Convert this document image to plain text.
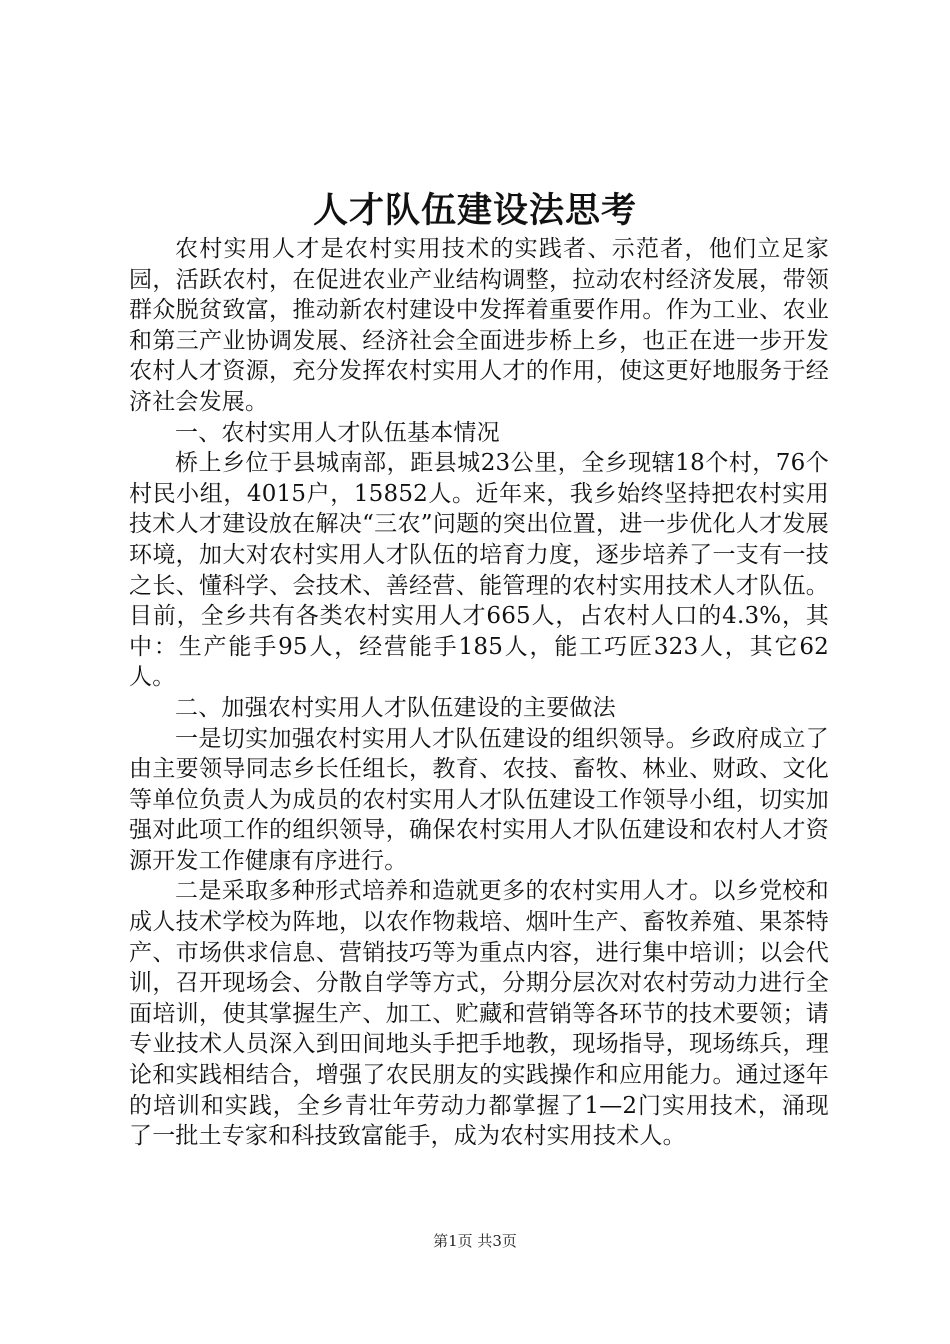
人才队伍建设法思考

农村实用人才是农村实用技术的实践者、示范者，他们立足家园，活跃农村，在促进农业产业结构调整，拉动农村经济发展，带领群众脱贫致富，推动新农村建设中发挥着重要作用。作为工业、农业和第三产业协调发展、经济社会全面进步桥上乡，也正在进一步开发农村人才资源，充分发挥农村实用人才的作用，使这更好地服务于经济社会发展。

一、农村实用人才队伍基本情况

桥上乡位于县城南部，距县城23公里，全乡现辖18个村，76个村民小组，4015户，15852人。近年来，我乡始终坚持把农村实用技术人才建设放在解决“三农”问题的突出位置，进一步优化人才发展环境，加大对农村实用人才队伍的培育力度，逐步培养了一支有一技之长、懂科学、会技术、善经营、能管理的农村实用技术人才队伍。目前，全乡共有各类农村实用人才665人，占农村人口的4.3%，其中：生产能手95人，经营能手185人，能工巧匠323人，其它62人。

二、加强农村实用人才队伍建设的主要做法

一是切实加强农村实用人才队伍建设的组织领导。乡政府成立了由主要领导同志乡长任组长，教育、农技、畜牧、林业、财政、文化等单位负责人为成员的农村实用人才队伍建设工作领导小组，切实加强对此项工作的组织领导，确保农村实用人才队伍建设和农村人才资源开发工作健康有序进行。

二是采取多种形式培养和造就更多的农村实用人才。以乡党校和成人技术学校为阵地，以农作物栽培、烟叶生产、畜牧养殖、果茶特产、市场供求信息、营销技巧等为重点内容，进行集中培训；以会代训，召开现场会、分散自学等方式，分期分层次对农村劳动力进行全面培训，使其掌握生产、加工、贮藏和营销等各环节的技术要领；请专业技术人员深入到田间地头手把手地教，现场指导，现场练兵，理论和实践相结合，增强了农民朋友的实践操作和应用能力。通过逐年的培训和实践，全乡青壮年劳动力都掌握了1—2门实用技术，涌现了一批土专家和科技致富能手，成为农村实用技术人。

第1页 共3页
